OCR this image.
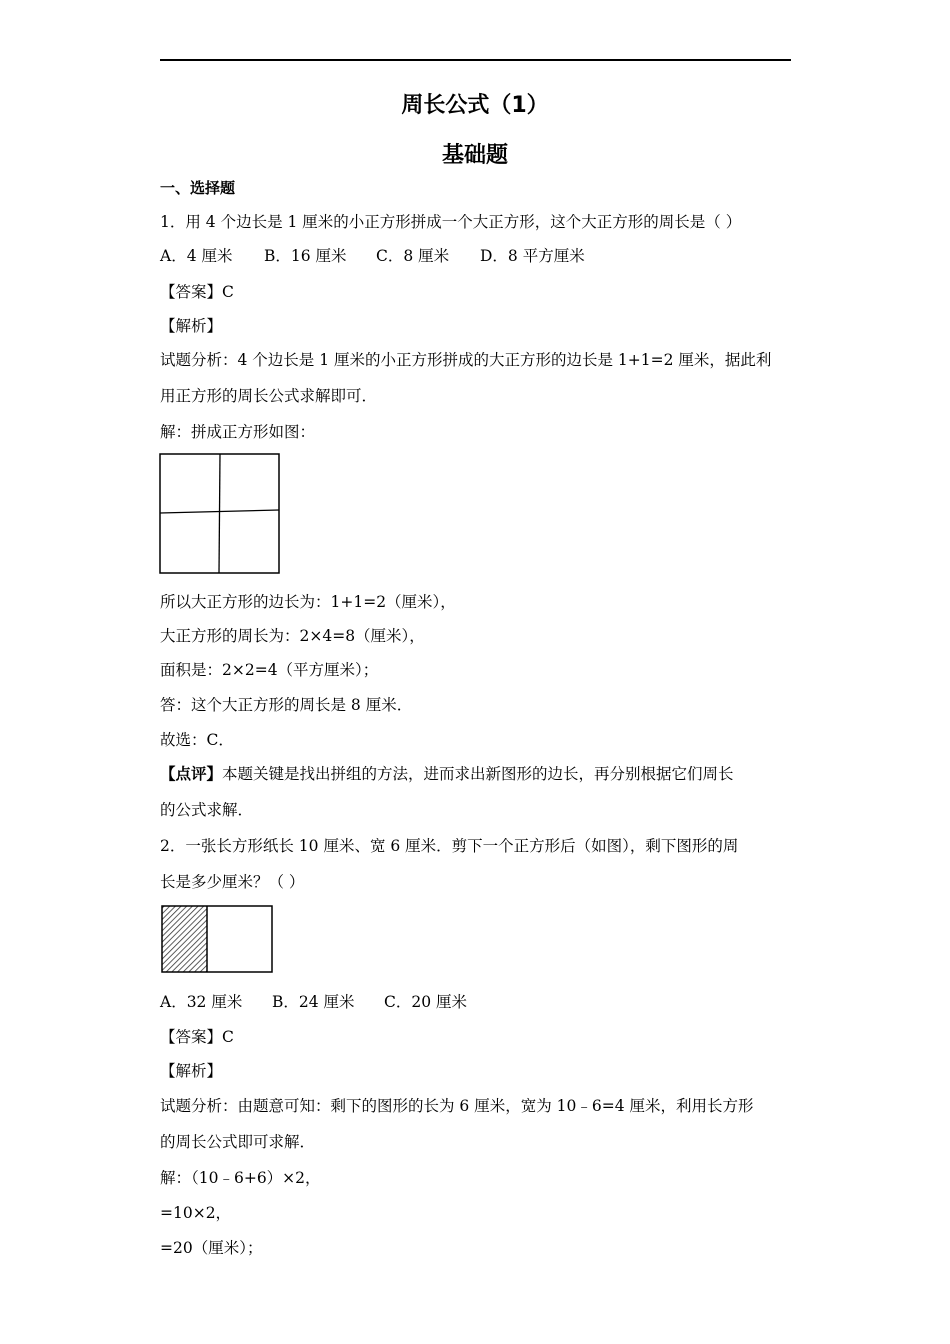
周长公式（1）
基础题
一、选择题
1．用 4 个边长是 1 厘米的小正方形拼成一个大正方形，这个大正方形的周长是（ ）
A．4 厘米 B．16 厘米 C．8 厘米 D．8 平方厘米
【答案】C
【解析】
试题分析：4 个边长是 1 厘米的小正方形拼成的大正方形的边长是 1+1=2 厘米，据此利
用正方形的周长公式求解即可．
解：拼成正方形如图：
所以大正方形的边长为：1+1=2（厘米），
大正方形的周长为：2×4=8（厘米），
面积是：2×2=4（平方厘米）；
答：这个大正方形的周长是 8 厘米．
故选：C．
【点评】本题关键是找出拼组的方法，进而求出新图形的边长，再分别根据它们周长
的公式求解．
2．一张长方形纸长 10 厘米、宽 6 厘米．剪下一个正方形后（如图），剩下图形的周
长是多少厘米？（ ）
A．32 厘米 B．24 厘米 C．20 厘米
【答案】C
【解析】
试题分析：由题意可知：剩下的图形的长为 6 厘米，宽为 10﹣6=4 厘米，利用长方形
的周长公式即可求解．
解：（10﹣6+6）×2，
=10×2，
=20（厘米）；
